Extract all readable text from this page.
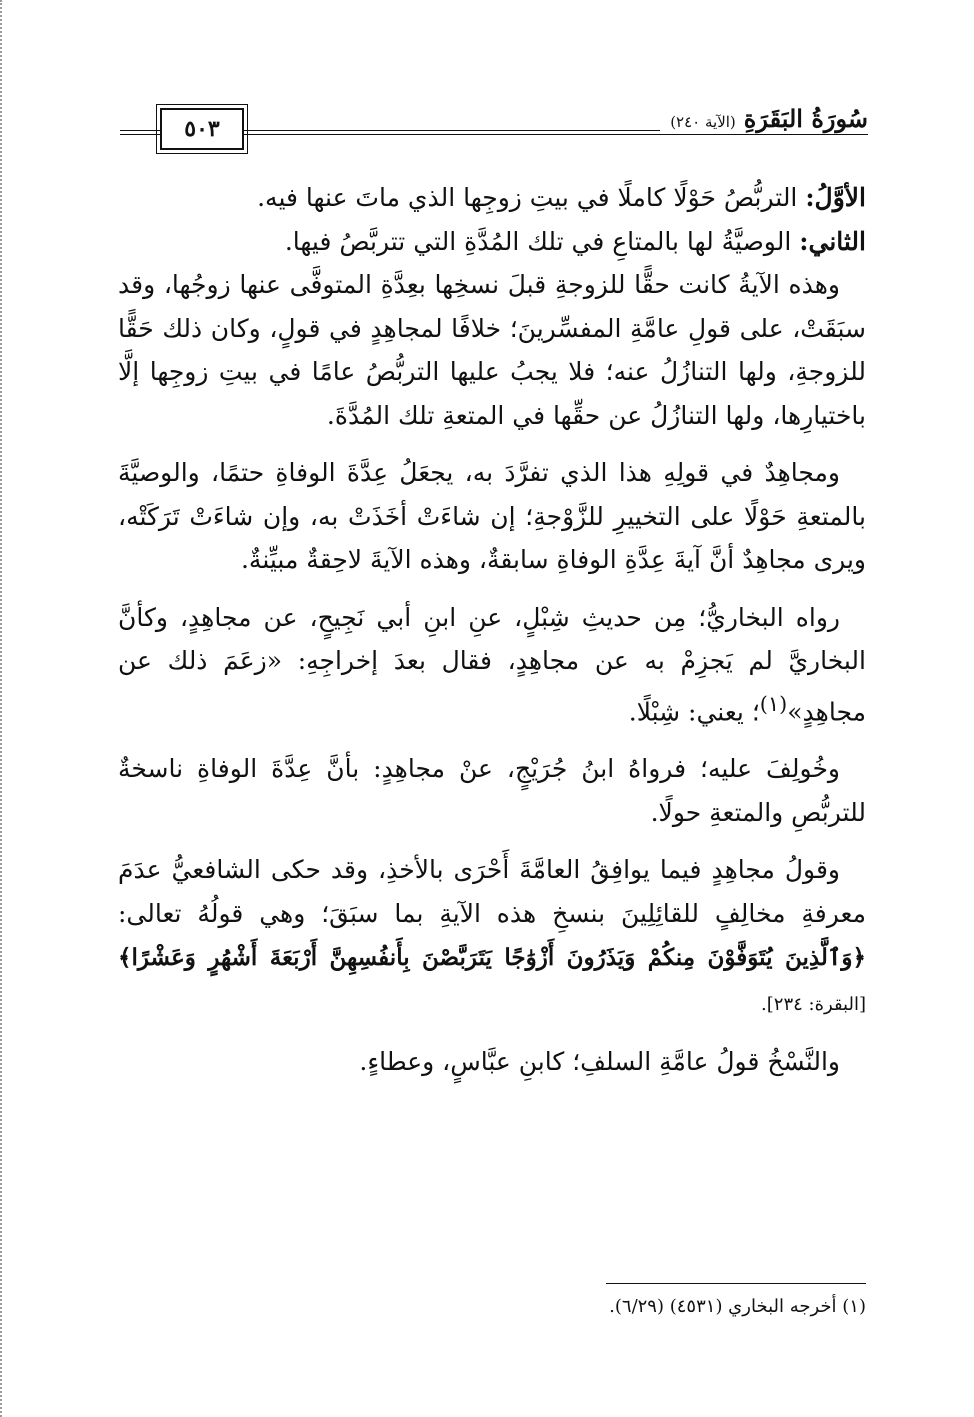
٥٠٣	سُورَةُ البَقَرَةِ
(الآية ٢٤٠)

الأوَّلُ: التربُّصُ حَوْلًا كاملًا في بيتِ زوجِها الذي ماتَ عنها فيه.

الثاني: الوصيَّةُ لها بالمتاعِ في تلك المُدَّةِ التي تتربَّصُ فيها.

وهذه الآيةُ كانت حقًّا للزوجةِ قبلَ نسخِها بعِدَّةِ المتوفَّى عنها زوجُها، وقد سبَقَتْ، على قولِ عامَّةِ المفسِّرينَ؛ خلافًا لمجاهِدٍ في قولٍ، وكان ذلك حَقًّا للزوجةِ، ولها التنازُلُ عنه؛ فلا يجبُ عليها التربُّصُ عامًا في بيتِ زوجِها إلَّا باختيارِها، ولها التنازُلُ عن حقِّها في المتعةِ تلك المُدَّةَ.

ومجاهِدٌ في قولِهِ هذا الذي تفرَّدَ به، يجعَلُ عِدَّةَ الوفاةِ حتمًا، والوصيَّةَ بالمتعةِ حَوْلًا على التخييرِ للزَّوْجةِ؛ إن شاءَتْ أخَذَتْ به، وإن شاءَتْ تَرَكَتْه، ويرى مجاهِدٌ أنَّ آيةَ عِدَّةِ الوفاةِ سابقةٌ، وهذه الآيةَ لاحِقةٌ مبيِّنةٌ.

رواه البخاريُّ؛ مِن حديثِ شِبْلٍ، عنِ ابنِ أبي نَجِيحٍ، عن مجاهِدٍ، وكأنَّ البخاريَّ لم يَجزِمْ به عن مجاهِدٍ، فقال بعدَ إخراجِهِ: «زعَمَ ذلك عن مجاهِدٍ»$^{(١)}$؛ يعني: شِبْلًا.

وخُولِفَ عليه؛ فرواهُ ابنُ جُرَيْجٍ، عنْ مجاهِدٍ: بأنَّ عِدَّةَ الوفاةِ ناسخةٌ للتربُّصِ والمتعةِ حولًا.

وقولُ مجاهِدٍ فيما يوافِقُ العامَّةَ أَحْرَى بالأخذِ، وقد حكى الشافعيُّ عدَمَ معرفةِ مخالِفٍ للقائِلِينَ بنسخِ هذه الآيةِ بما سبَقَ؛ وهي قولُهُ تعالى: ﴿وَٱلَّذِينَ يُتَوَفَّوْنَ مِنكُمْ وَيَذَرُونَ أَزْوَٰجًا يَتَرَبَّصْنَ بِأَنفُسِهِنَّ أَرْبَعَةَ أَشْهُرٍ وَعَشْرًا﴾ [البقرة: ٢٣٤].

والنَّسْخُ قولُ عامَّةِ السلفِ؛ كابنِ عبَّاسٍ، وعطاءٍ.

(١) أخرجه البخاري (٤٥٣١) (٦/٢٩).
